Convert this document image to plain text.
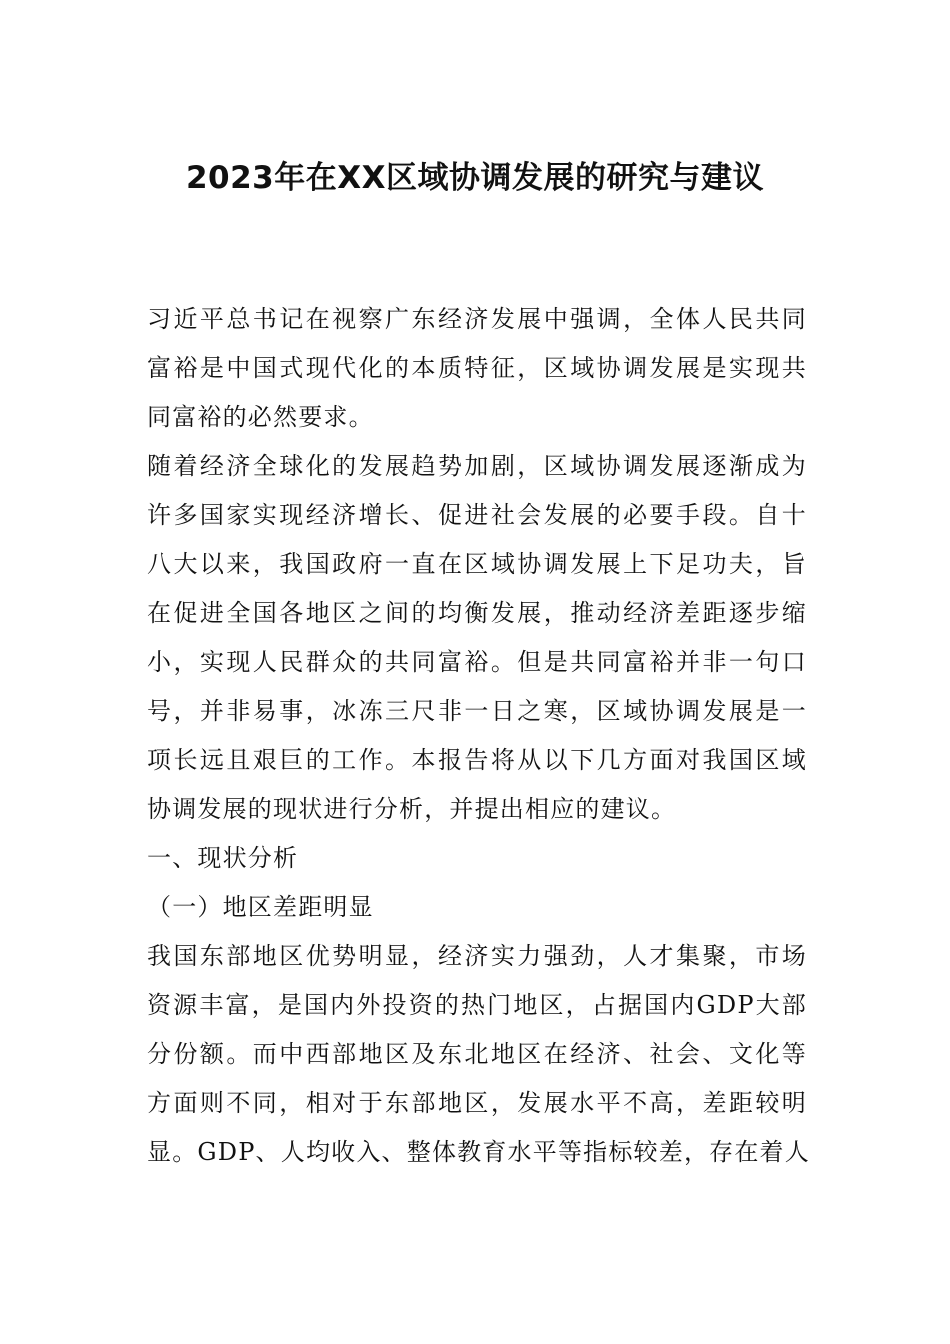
2023年在XX区域协调发展的研究与建议
习近平总书记在视察广东经济发展中强调，全体人民共同
富裕是中国式现代化的本质特征，区域协调发展是实现共
同富裕的必然要求。
随着经济全球化的发展趋势加剧，区域协调发展逐渐成为
许多国家实现经济增长、促进社会发展的必要手段。自十
八大以来，我国政府一直在区域协调发展上下足功夫，旨
在促进全国各地区之间的均衡发展，推动经济差距逐步缩
小，实现人民群众的共同富裕。但是共同富裕并非一句口
号，并非易事，冰冻三尺非一日之寒，区域协调发展是一
项长远且艰巨的工作。本报告将从以下几方面对我国区域
协调发展的现状进行分析，并提出相应的建议。
一、现状分析
（一）地区差距明显
我国东部地区优势明显，经济实力强劲，人才集聚，市场
资源丰富，是国内外投资的热门地区，占据国内GDP大部
分份额。而中西部地区及东北地区在经济、社会、文化等
方面则不同，相对于东部地区，发展水平不高，差距较明
显。GDP、人均收入、整体教育水平等指标较差，存在着人
